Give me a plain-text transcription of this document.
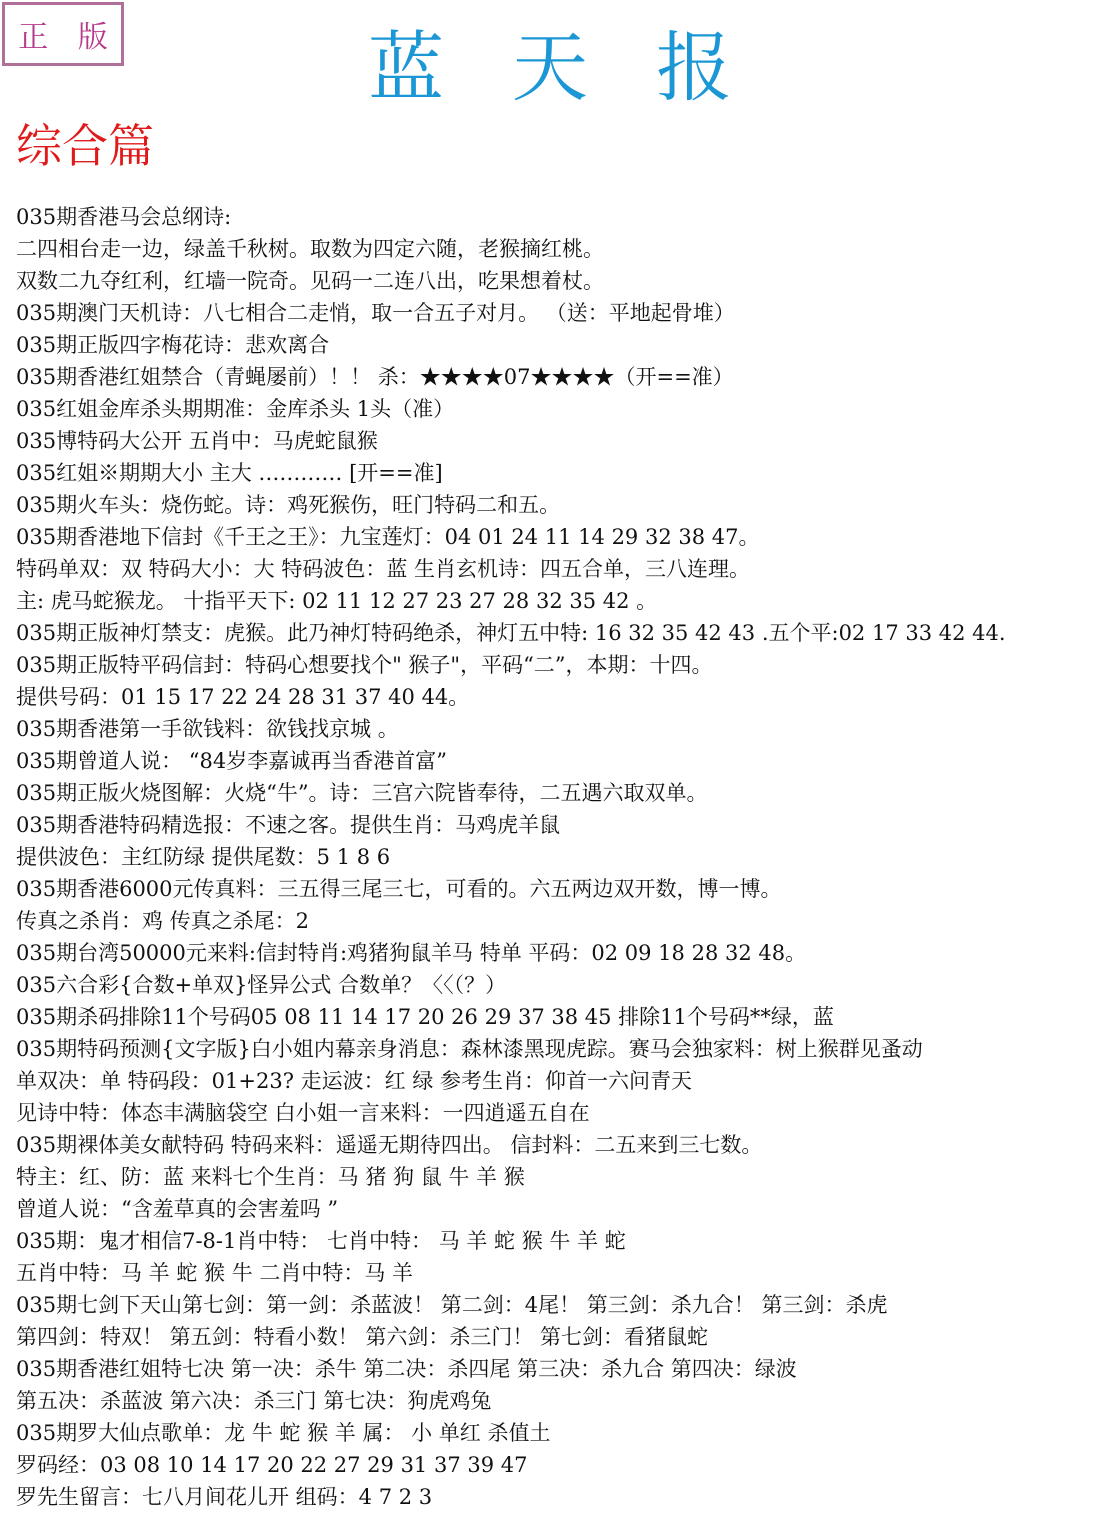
正 版	蓝天报
综合篇
035期香港马会总纲诗:
二四相台走一边，绿盖千秋树。取数为四定六随，老猴摘红桃。
双数二九夺红利，红墙一院奇。见码一二连八出，吃果想着杖。
035期澳门天机诗：八七相合二走悄，取一合五子对月。 （送：平地起骨堆）
035期正版四字梅花诗：悲欢离合
035期香港红姐禁合（青蝇屡前）！！ 杀：★★★★07★★★★（开==准）
035红姐金库杀头期期准：金库杀头 1头（准）
035博特码大公开 五肖中：马虎蛇鼠猴
035红姐※期期大小 主大 ………… [开==准]
035期火车头：烧伤蛇。诗：鸡死猴伤，旺门特码二和五。
035期香港地下信封《千王之王》：九宝莲灯：04 01 24 11 14 29 32 38 47。
特码单双：双 特码大小：大 特码波色：蓝 生肖玄机诗：四五合单，三八连理。
主: 虎马蛇猴龙。 十指平天下: 02 11 12 27 23 27 28 32 35 42 。
035期正版神灯禁支：虎猴。此乃神灯特码绝杀，神灯五中特: 16 32 35 42 43 .五个平:02 17 33 42 44.
035期正版特平码信封：特码心想要找个" 猴子"，平码“二”，本期：十四。
提供号码：01 15 17 22 24 28 31 37 40 44。
035期香港第一手欲钱料：欲钱找京城 。
035期曾道人说： “84岁李嘉诚再当香港首富”
035期正版火烧图解：火烧“牛”。诗：三宫六院皆奉待，二五遇六取双单。
035期香港特码精选报：不速之客。提供生肖：马鸡虎羊鼠
提供波色：主红防绿 提供尾数：5 1 8 6
035期香港6000元传真料：三五得三尾三七，可看的。六五两边双开数，博一博。
传真之杀肖：鸡 传真之杀尾：2
035期台湾50000元来料:信封特肖:鸡猪狗鼠羊马 特单 平码：02 09 18 28 32 48。
035六合彩{合数+单双}怪异公式 合数单？〈〈（？）
035期杀码排除11个号码05 08 11 14 17 20 26 29 37 38 45 排除11个号码**绿，蓝
035期特码预测{文字版}白小姐内幕亲身消息：森林漆黑现虎踪。赛马会独家料：树上猴群见蚤动
单双决：单 特码段：01+23? 走运波：红 绿 参考生肖：仰首一六问青天
见诗中特：体态丰满脑袋空 白小姐一言来料：一四逍遥五自在
035期裸体美女献特码 特码来料：遥遥无期待四出。 信封料：二五来到三七数。
特主：红、防：蓝 来料七个生肖：马 猪 狗 鼠 牛 羊 猴
曾道人说：“含羞草真的会害羞吗 ”
035期：鬼才相信7-8-1肖中特： 七肖中特： 马 羊 蛇 猴 牛 羊 蛇
五肖中特：马 羊 蛇 猴 牛 二肖中特：马 羊
035期七剑下天山第七剑：第一剑：杀蓝波！ 第二剑：4尾！ 第三剑：杀九合！ 第三剑：杀虎
第四剑：特双！ 第五剑：特看小数！ 第六剑：杀三门！ 第七剑：看猪鼠蛇
035期香港红姐特七决 第一决：杀牛 第二决：杀四尾 第三决：杀九合 第四决：绿波
第五决：杀蓝波 第六决：杀三门 第七决：狗虎鸡兔
035期罗大仙点歌单：龙 牛 蛇 猴 羊 属： 小 单红 杀值土
罗码经：03 08 10 14 17 20 22 27 29 31 37 39 47
罗先生留言：七八月间花儿开 组码：4 7 2 3
